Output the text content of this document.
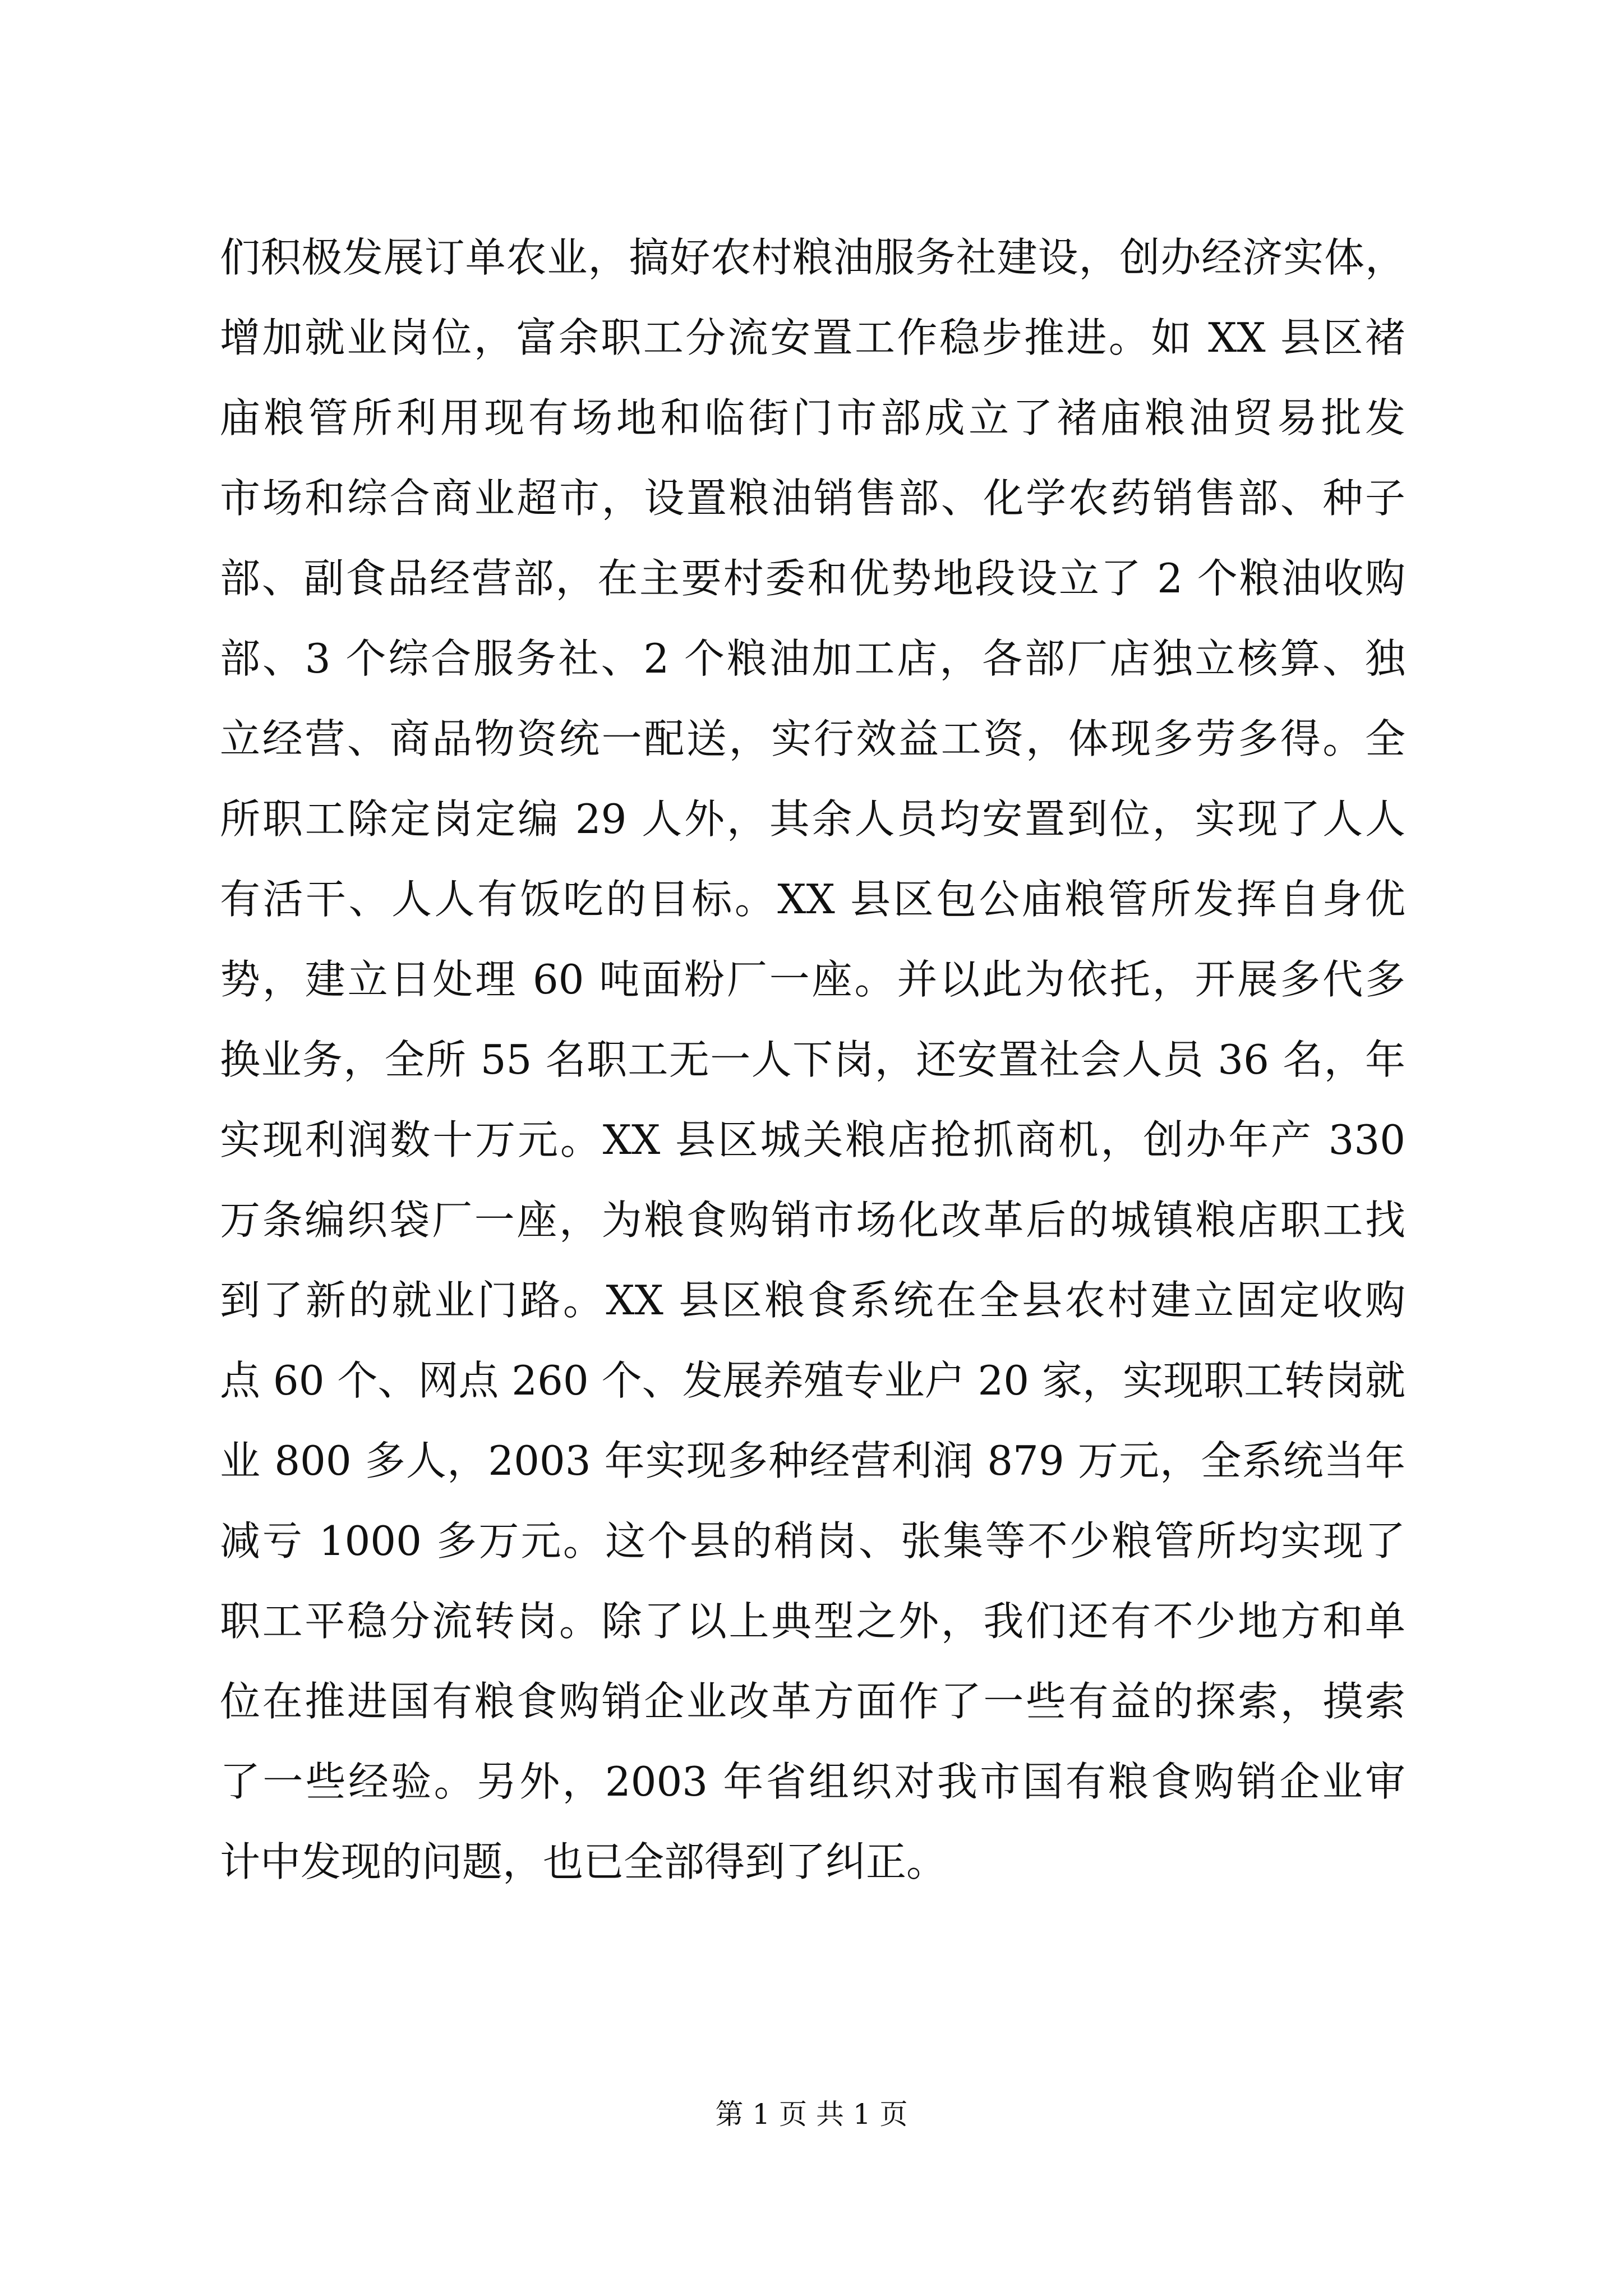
们积极发展订单农业，搞好农村粮油服务社建设，创办经济实体，
增加就业岗位，富余职工分流安置工作稳步推进。如 XX 县区褚
庙粮管所利用现有场地和临街门市部成立了褚庙粮油贸易批发
市场和综合商业超市，设置粮油销售部、化学农药销售部、种子
部、副食品经营部，在主要村委和优势地段设立了 2 个粮油收购
部、3 个综合服务社、2 个粮油加工店，各部厂店独立核算、独
立经营、商品物资统一配送，实行效益工资，体现多劳多得。全
所职工除定岗定编 29 人外，其余人员均安置到位，实现了人人
有活干、人人有饭吃的目标。XX 县区包公庙粮管所发挥自身优
势，建立日处理 60 吨面粉厂一座。并以此为依托，开展多代多
换业务，全所 55 名职工无一人下岗，还安置社会人员 36 名，年
实现利润数十万元。XX 县区城关粮店抢抓商机，创办年产 330
万条编织袋厂一座，为粮食购销市场化改革后的城镇粮店职工找
到了新的就业门路。XX 县区粮食系统在全县农村建立固定收购
点 60 个、网点 260 个、发展养殖专业户 20 家，实现职工转岗就
业 800 多人，2003 年实现多种经营利润 879 万元，全系统当年
减亏 1000 多万元。这个县的稍岗、张集等不少粮管所均实现了
职工平稳分流转岗。除了以上典型之外，我们还有不少地方和单
位在推进国有粮食购销企业改革方面作了一些有益的探索，摸索
了一些经验。另外，2003 年省组织对我市国有粮食购销企业审
计中发现的问题，也已全部得到了纠正。
第 1 页 共 1 页
